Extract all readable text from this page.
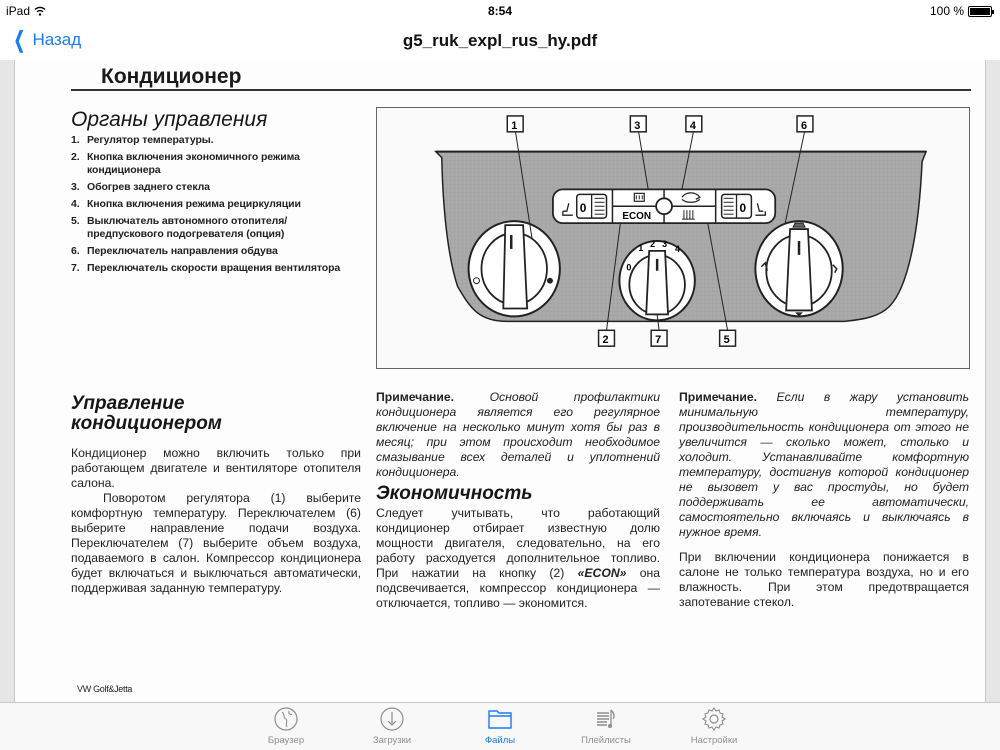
iPad	8:54	100 %
❮ Назад	g5_ruk_expl_rus_hy.pdf
Кондиционер
Органы управления
1. Регулятор температуры.
2. Кнопка включения экономичного режима кондиционера
3. Обогрев заднего стекла
4. Кнопка включения режима рециркуляции
5. Выключатель автономного отопителя/ предпускового подогревателя (опция)
6. Переключатель направления обдува
7. Переключатель скорости вращения вентилятора
0
ECON
0
0
1 2 3 4
1	3	4	6
2	7	5
Управление
кондиционером

Кондиционер можно включить только при работающем двигателе и вентиляторе отопителя салона.

Поворотом регулятора (1) выберите комфортную температуру. Переключателем (6) выберите направление подачи воздуха. Переключателем (7) выберите объем воздуха, подаваемого в салон. Компрессор кондиционера будет включаться и выключаться автоматически, поддерживая заданную температуру.

Примечание.	Основой профилактики кондиционера является его регулярное включение на несколько минут хотя бы раз в месяц; при этом происходит необходимое смазывание всех деталей и уплотнений кондиционера.

Экономичность

Следует учитывать, что работающий кондиционер отбирает известную долю мощности двигателя, следовательно, на его работу расходуется дополнительное топливо. При нажатии на кнопку (2) «ECON» она подсвечивается, компрессор кондиционера — отключается, топливо — экономится.

Примечание. Если в жару установить минимальную температуру, производительность кондиционера от этого не увеличится — сколько может, столько и холодит. Устанавливайте комфортную температуру, достигнув которой кондиционер не вызовет у вас простуды, но будет поддерживать ее автоматически, самостоятельно включаясь и выключаясь в нужное время.

При включении кондиционера понижается в салоне не только температура воздуха, но и его влажность. При этом предотвращается запотевание стекол.

VW Golf&Jetta
Браузер	Загрузки	Файлы	Плейлисты	Настройки
